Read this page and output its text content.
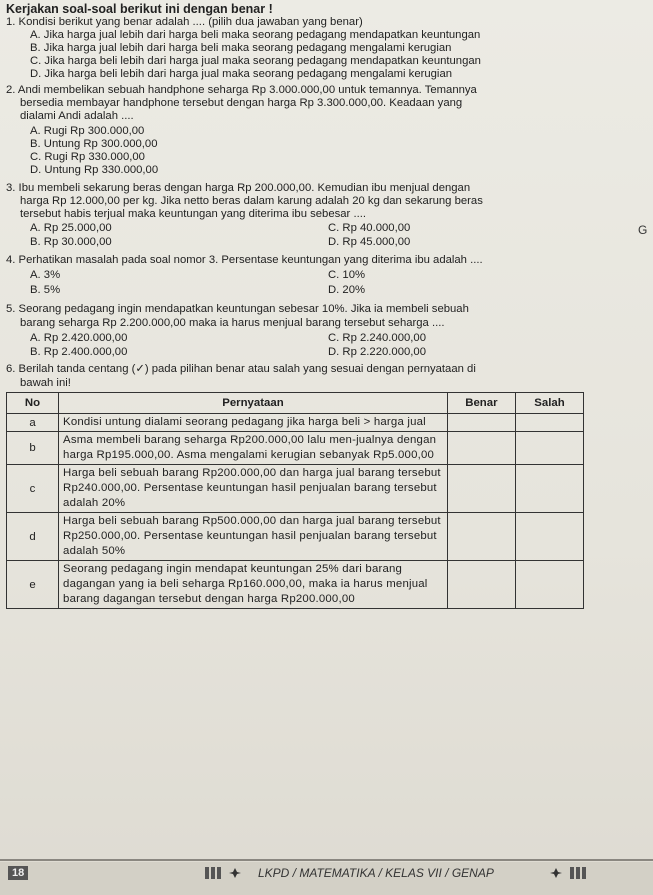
Kerjakan soal-soal berikut ini dengan benar !
1. Kondisi berikut yang benar adalah .... (pilih dua jawaban yang benar)
A. Jika harga jual lebih dari harga beli maka seorang pedagang mendapatkan keuntungan
B. Jika harga jual lebih dari harga beli maka seorang pedagang mengalami kerugian
C. Jika harga beli lebih dari harga jual maka seorang pedagang mendapatkan keuntungan
D. Jika harga beli lebih dari harga jual maka seorang pedagang mengalami kerugian
2. Andi membelikan sebuah handphone seharga Rp 3.000.000,00 untuk temannya. Temannya
bersedia membayar handphone tersebut dengan harga Rp 3.300.000,00. Keadaan yang
dialami Andi adalah ....
A. Rugi Rp 300.000,00
B. Untung Rp 300.000,00
C. Rugi Rp 330.000,00
D. Untung Rp 330.000,00
3. Ibu membeli sekarung beras dengan harga Rp 200.000,00. Kemudian ibu menjual dengan
harga Rp 12.000,00 per kg. Jika netto beras dalam karung adalah 20 kg dan sekarung beras
tersebut habis terjual maka keuntungan yang diterima ibu sebesar ....
A. Rp 25.000,00	C. Rp 40.000,00
B. Rp 30.000,00	D. Rp 45.000,00
4. Perhatikan masalah pada soal nomor 3. Persentase keuntungan yang diterima ibu adalah ....
A. 3%	C. 10%
B. 5%	D. 20%
5. Seorang pedagang ingin mendapatkan keuntungan sebesar 10%. Jika ia membeli sebuah
barang seharga Rp 2.200.000,00 maka ia harus menjual barang tersebut seharga ....
A. Rp 2.420.000,00	C. Rp 2.240.000,00
B. Rp 2.400.000,00	D. Rp 2.220.000,00
6. Berilah tanda centang (✓) pada pilihan benar atau salah yang sesuai dengan pernyataan di
bawah ini!
G
No	Pernyataan	Benar	Salah
a	Kondisi untung dialami seorang pedagang jika harga beli > harga jual		
b	Asma membeli barang seharga Rp200.000,00 lalu men-jualnya dengan harga Rp195.000,00. Asma mengalami kerugian sebanyak Rp5.000,00		
c	Harga beli sebuah barang Rp200.000,00 dan harga jual barang tersebut Rp240.000,00. Persentase keuntungan hasil penjualan barang tersebut adalah 20%		
d	Harga beli sebuah barang Rp500.000,00 dan harga jual barang tersebut Rp250.000,00. Persentase keuntungan hasil penjualan barang tersebut adalah 50%		
e	Seorang pedagang ingin mendapat keuntungan 25% dari barang dagangan yang ia beli seharga Rp160.000,00, maka ia harus menjual barang dagangan tersebut dengan harga Rp200.000,00		
18	LKPD / MATEMATIKA / KELAS VII / GENAP
